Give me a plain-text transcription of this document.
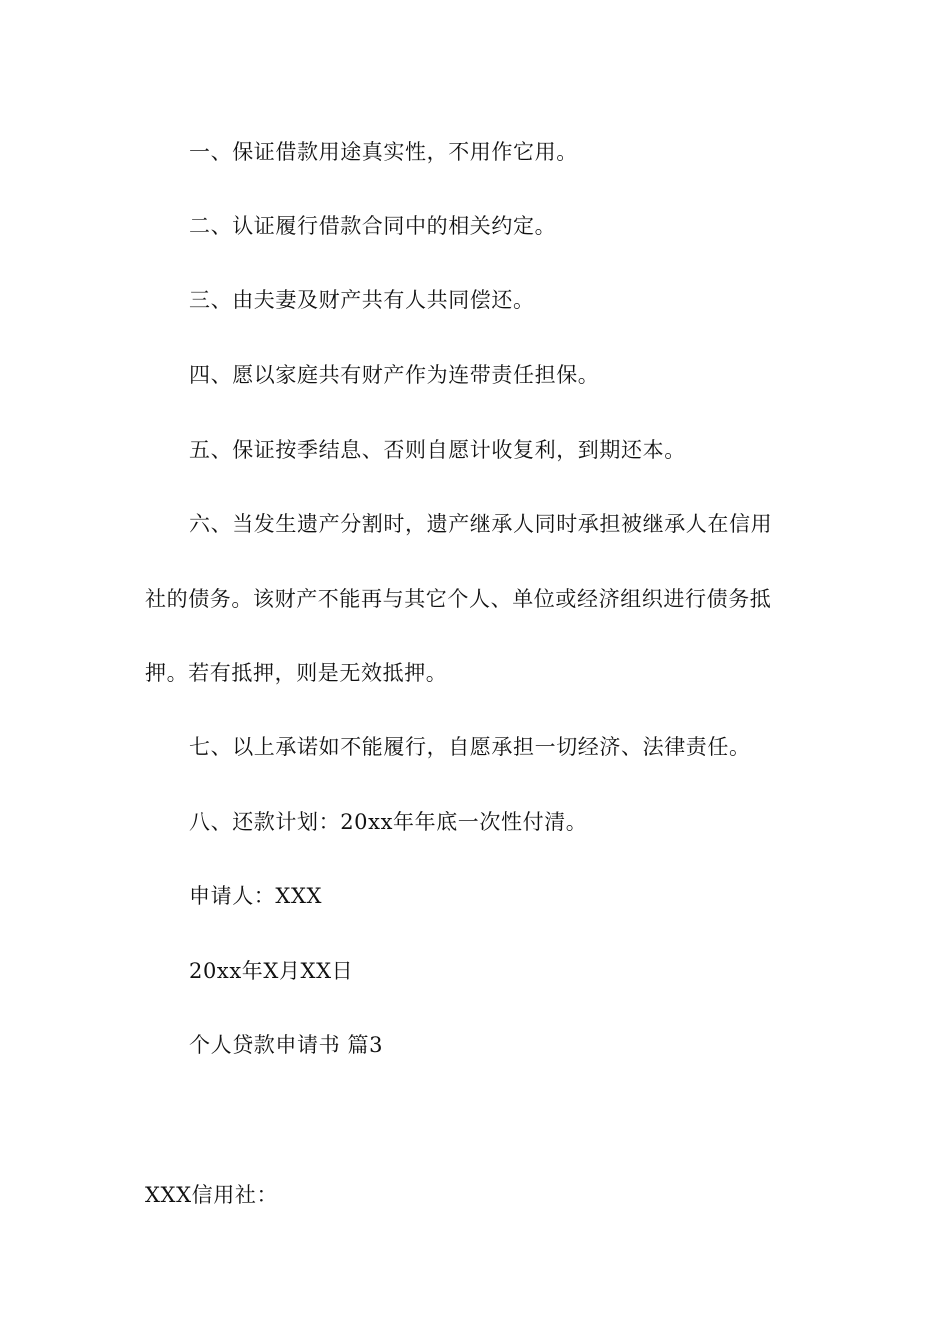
一、保证借款用途真实性，不用作它用。
二、认证履行借款合同中的相关约定。
三、由夫妻及财产共有人共同偿还。
四、愿以家庭共有财产作为连带责任担保。
五、保证按季结息、否则自愿计收复利，到期还本。
六、当发生遗产分割时，遗产继承人同时承担被继承人在信用
社的债务。该财产不能再与其它个人、单位或经济组织进行债务抵
押。若有抵押，则是无效抵押。
七、以上承诺如不能履行，自愿承担一切经济、法律责任。
八、还款计划：20xx年年底一次性付清。
申请人：XXX
20xx年X月XX日
个人贷款申请书 篇3
XXX信用社：
